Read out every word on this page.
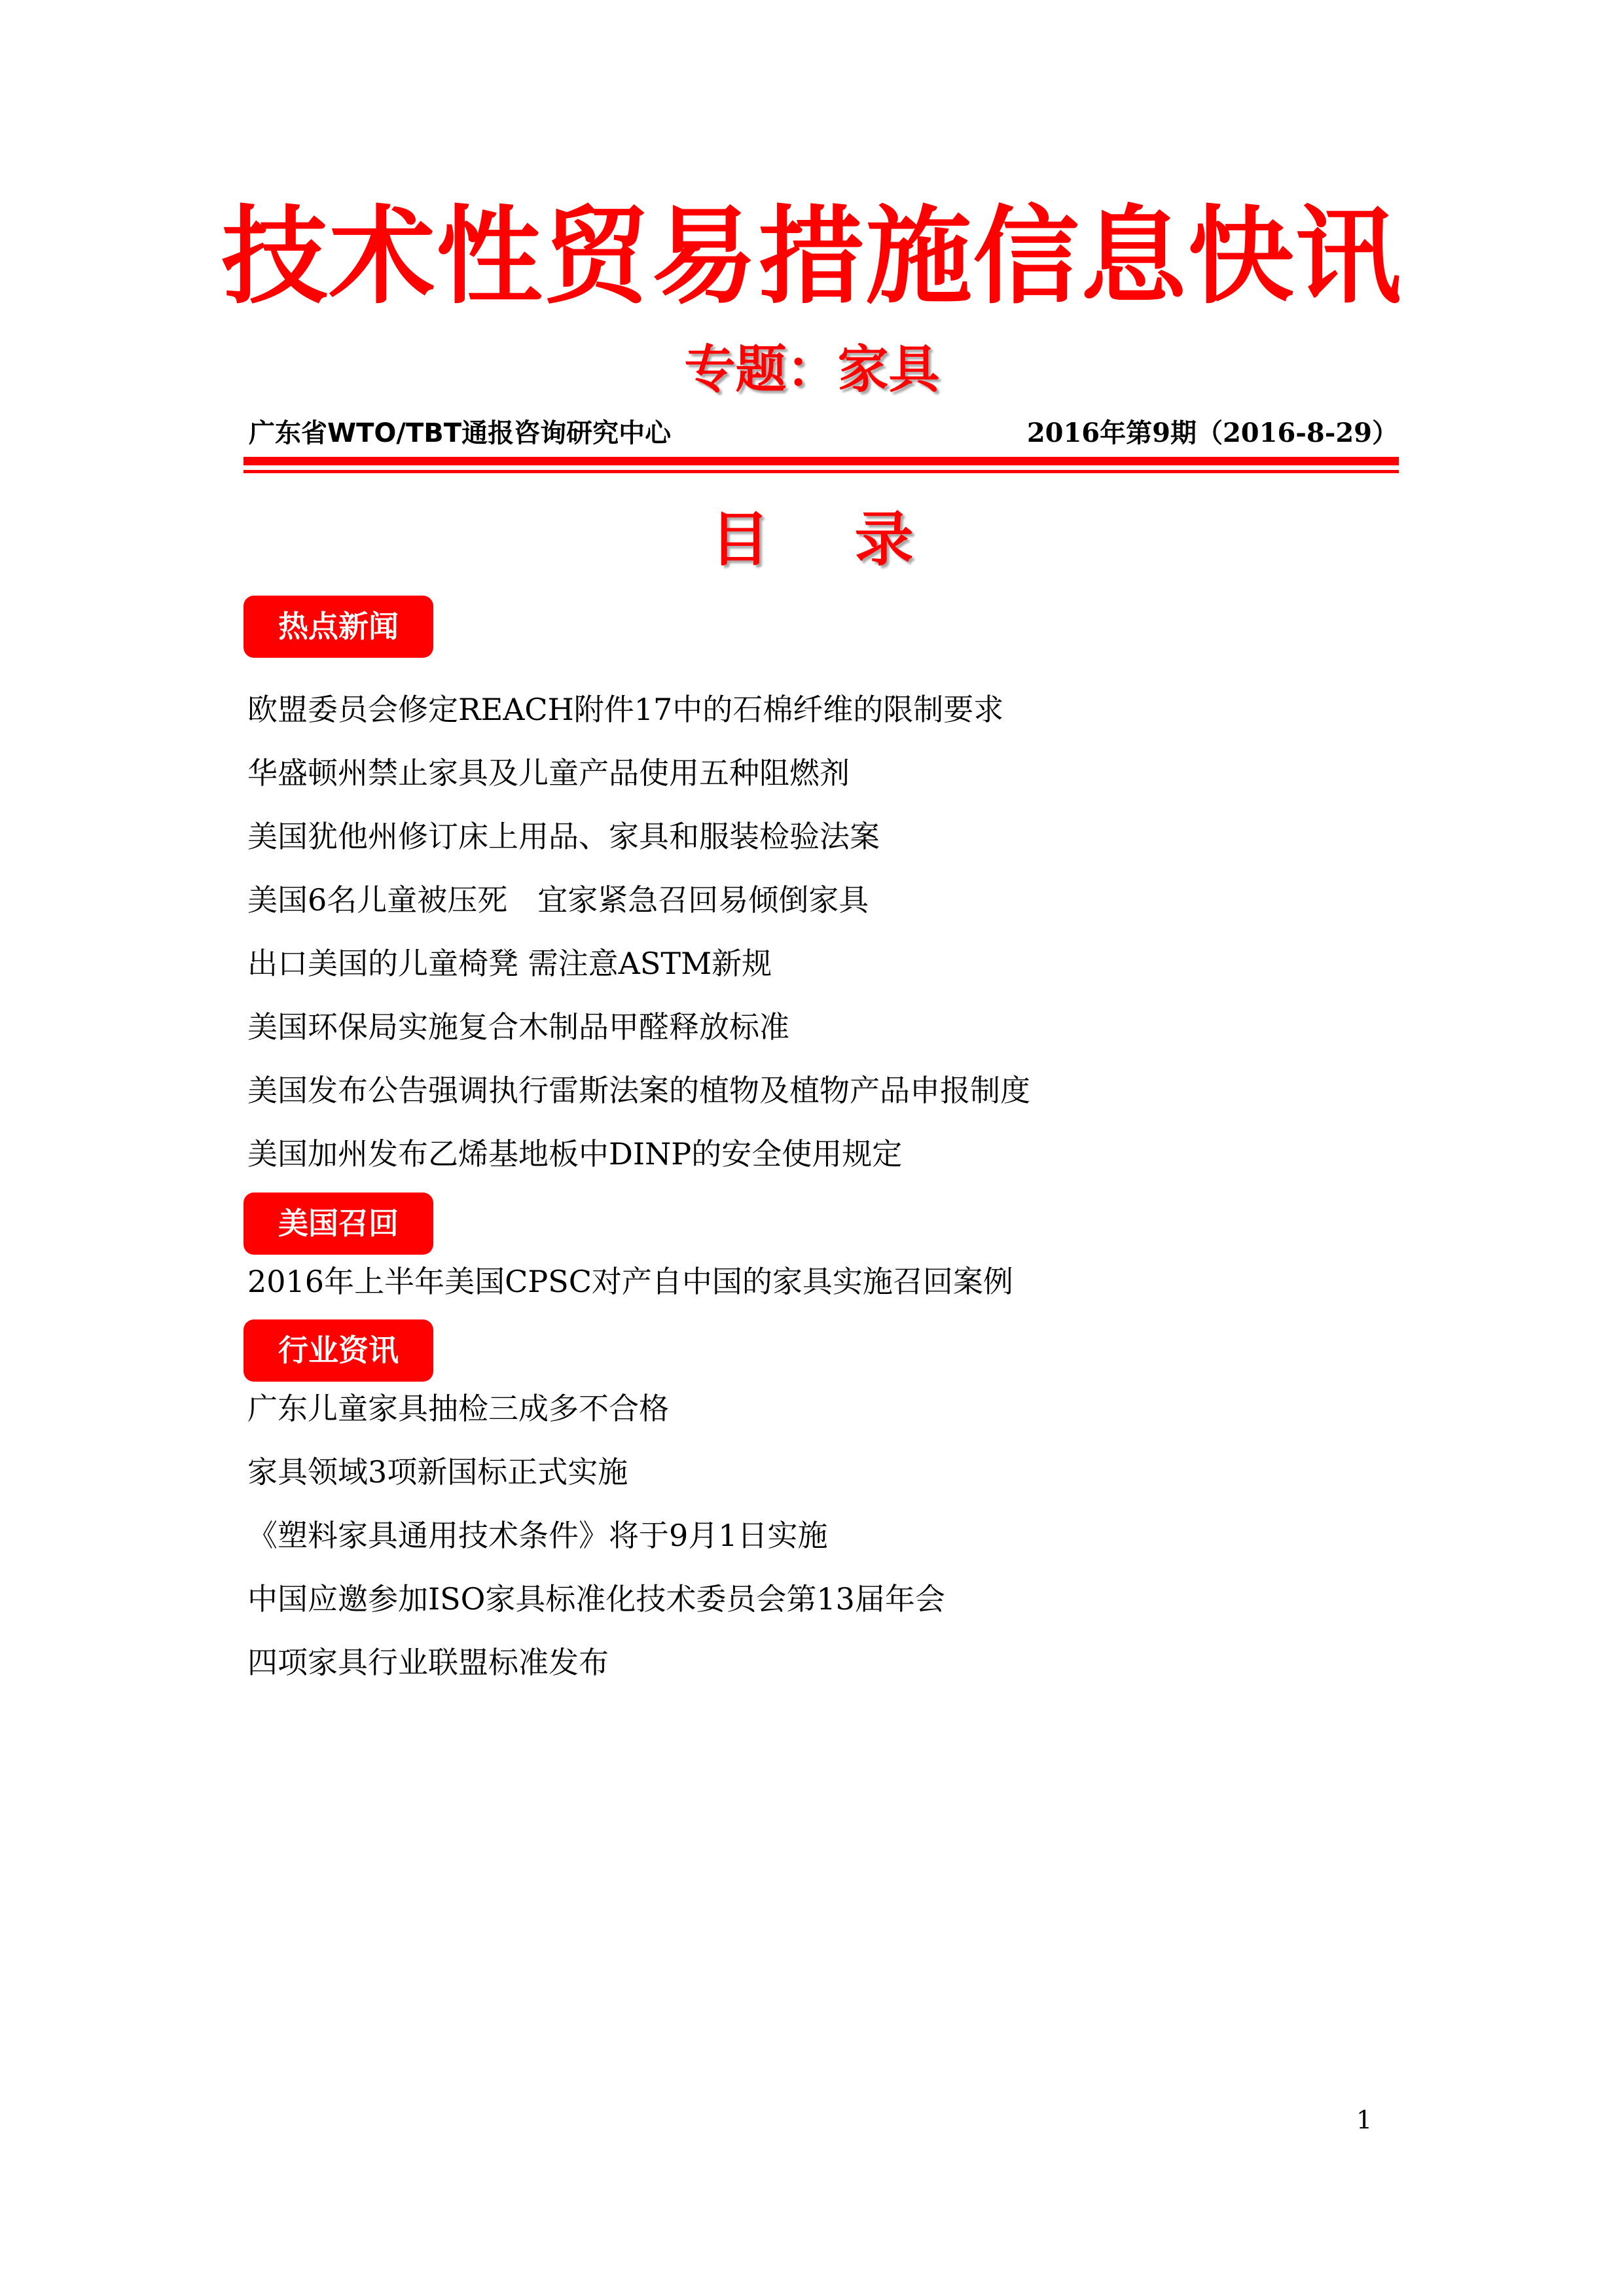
技术性贸易措施信息快讯
专题：家具
广东省WTO/TBT通报咨询研究中心	2016年第9期（2016-8-29）
目 录
热点新闻
欧盟委员会修定REACH附件17中的石棉纤维的限制要求
华盛顿州禁止家具及儿童产品使用五种阻燃剂
美国犹他州修订床上用品、家具和服装检验法案
美国6名儿童被压死　宜家紧急召回易倾倒家具
出口美国的儿童椅凳 需注意ASTM新规
美国环保局实施复合木制品甲醛释放标准
美国发布公告强调执行雷斯法案的植物及植物产品申报制度
美国加州发布乙烯基地板中DINP的安全使用规定
美国召回
2016年上半年美国CPSC对产自中国的家具实施召回案例
行业资讯
广东儿童家具抽检三成多不合格
家具领域3项新国标正式实施
《塑料家具通用技术条件》将于9月1日实施
中国应邀参加ISO家具标准化技术委员会第13届年会
四项家具行业联盟标准发布
1
